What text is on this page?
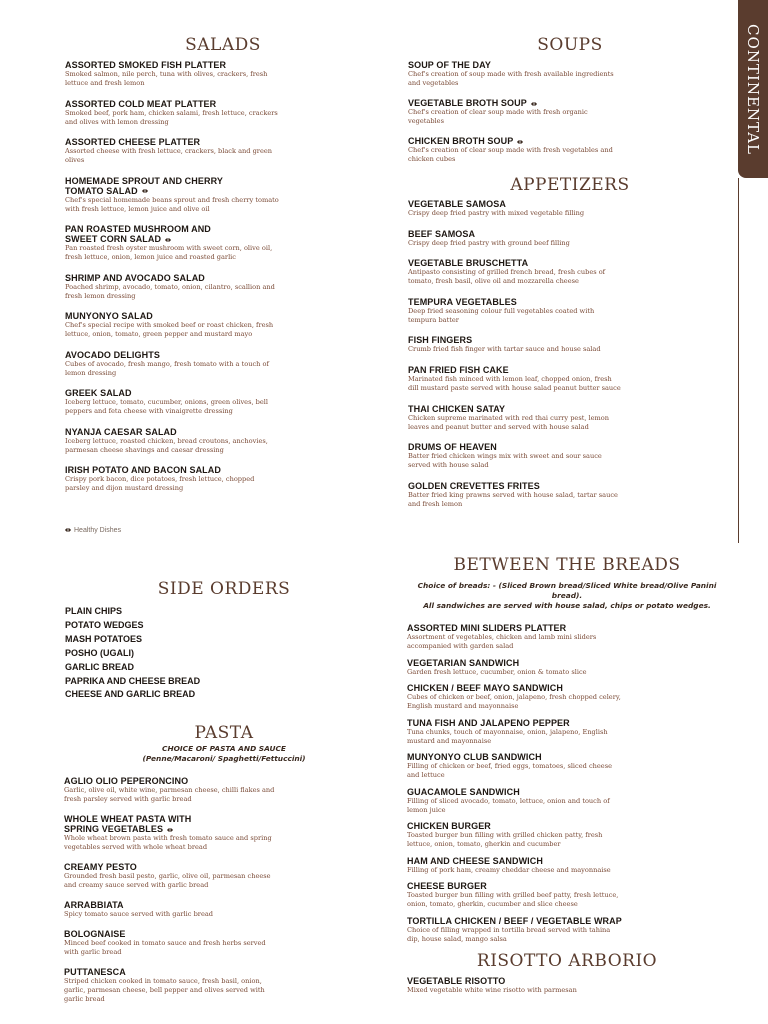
CONTINENTAL
SALADS
ASSORTED SMOKED FISH PLATTER
Smoked salmon, nile perch, tuna with olives, crackers, fresh lettuce and fresh lemon
ASSORTED COLD MEAT PLATTER
Smoked beef, pork ham, chicken salami, fresh lettuce, crackers and olives with lemon dressing
ASSORTED CHEESE PLATTER
Assorted cheese with fresh lettuce, crackers, black and green olives
HOMEMADE SPROUT AND CHERRY TOMATO SALAD
Chef's special homemade beans sprout and fresh cherry tomato with fresh lettuce, lemon juice and olive oil
PAN ROASTED MUSHROOM AND SWEET CORN SALAD
Pan roasted fresh oyster mushroom with sweet corn, olive oil, fresh lettuce, onion, lemon juice and roasted garlic
SHRIMP AND AVOCADO SALAD
Poached shrimp, avocado, tomato, onion, cilantro, scallion and fresh lemon dressing
MUNYONYO SALAD
Chef's special recipe with smoked beef or roast chicken, fresh lettuce, onion, tomato, green pepper and mustard mayo
AVOCADO DELIGHTS
Cubes of avocado, fresh mango, fresh tomato with a touch of lemon dressing
GREEK SALAD
Iceberg lettuce, tomato, cucumber, onions, green olives, bell peppers and feta cheese with vinaigrette dressing
NYANJA CAESAR SALAD
Iceberg lettuce, roasted chicken, bread croutons, anchovies, parmesan cheese shavings and caesar dressing
IRISH POTATO AND BACON SALAD
Crispy pork bacon, dice potatoes, fresh lettuce, chopped parsley and dijon mustard dressing
SOUPS
SOUP OF THE DAY
Chef's creation of soup made with fresh available ingredients and vegetables
VEGETABLE BROTH SOUP
Chef's creation of clear soup made with fresh organic vegetables
CHICKEN BROTH SOUP
Chef's creation of clear soup made with fresh vegetables and chicken cubes
APPETIZERS
VEGETABLE SAMOSA
Crispy deep fried pastry with mixed vegetable filling
BEEF SAMOSA
Crispy deep fried pastry with ground beef filling
VEGETABLE BRUSCHETTA
Antipasto consisting of grilled french bread, fresh cubes of tomato, fresh basil, olive oil and mozzarella cheese
TEMPURA VEGETABLES
Deep fried seasoning colour full vegetables coated with tempura batter
FISH FINGERS
Crumb fried fish finger with tartar sauce and house salad
PAN FRIED FISH CAKE
Marinated fish minced with lemon leaf, chopped onion, fresh dill mustard paste served with house salad peanut butter sauce
THAI CHICKEN SATAY
Chicken supreme marinated with red thai curry pest, lemon leaves and peanut butter and served with house salad
DRUMS OF HEAVEN
Batter fried chicken wings mix with sweet and sour sauce served with house salad
GOLDEN CREVETTES FRITES
Batter fried king prawns served with house salad, tartar sauce and fresh lemon
Healthy Dishes
SIDE ORDERS
PLAIN CHIPS
POTATO WEDGES
MASH POTATOES
POSHO (UGALI)
GARLIC BREAD
PAPRIKA AND CHEESE BREAD
CHEESE AND GARLIC BREAD
PASTA
CHOICE OF PASTA AND SAUCE
(Penne/Macaroni/ Spaghetti/Fettuccini)
AGLIO OLIO PEPERONCINO
Garlic, olive oil, white wine, parmesan cheese, chilli flakes and fresh parsley served with garlic bread
WHOLE WHEAT PASTA WITH SPRING VEGETABLES
Whole wheat brown pasta with fresh tomato sauce and spring vegetables served with whole wheat bread
CREAMY PESTO
Grounded fresh basil pesto, garlic, olive oil, parmesan cheese and creamy sauce served with garlic bread
ARRABBIATA
Spicy tomato sauce served with garlic bread
BOLOGNAISE
Minced beef cooked in tomato sauce and fresh herbs served with garlic bread
PUTTANESCA
Striped chicken cooked in tomato sauce, fresh basil, onion, garlic, parmesan cheese, bell pepper and olives served with garlic bread
BETWEEN THE BREADS
Choice of breads: - (Sliced Brown bread/Sliced White bread/Olive Panini bread).
All sandwiches are served with house salad, chips or potato wedges.
ASSORTED MINI SLIDERS PLATTER
Assortment of vegetables, chicken and lamb mini sliders accompanied with garden salad
VEGETARIAN SANDWICH
Garden fresh lettuce, cucumber, onion & tomato slice
CHICKEN / BEEF MAYO SANDWICH
Cubes of chicken or beef, onion, jalapeno, fresh chopped celery, English mustard and mayonnaise
TUNA FISH AND JALAPENO PEPPER
Tuna chunks, touch of mayonnaise, onion, jalapeno, English mustard and mayonnaise
MUNYONYO CLUB SANDWICH
Filling of chicken or beef, fried eggs, tomatoes, sliced cheese and lettuce
GUACAMOLE SANDWICH
Filling of sliced avocado, tomato, lettuce, onion and touch of lemon juice
CHICKEN BURGER
Toasted burger bun filling with grilled chicken patty, fresh lettuce, onion, tomato, gherkin and cucumber
HAM AND CHEESE SANDWICH
Filling of pork ham, creamy cheddar cheese and mayonnaise
CHEESE BURGER
Toasted burger bun filling with grilled beef patty, fresh lettuce, onion, tomato, gherkin, cucumber and slice cheese
TORTILLA CHICKEN / BEEF / VEGETABLE WRAP
Choice of filling wrapped in tortilla bread served with tahina dip, house salad, mango salsa
RISOTTO ARBORIO
VEGETABLE RISOTTO
Mixed vegetable white wine risotto with parmesan
